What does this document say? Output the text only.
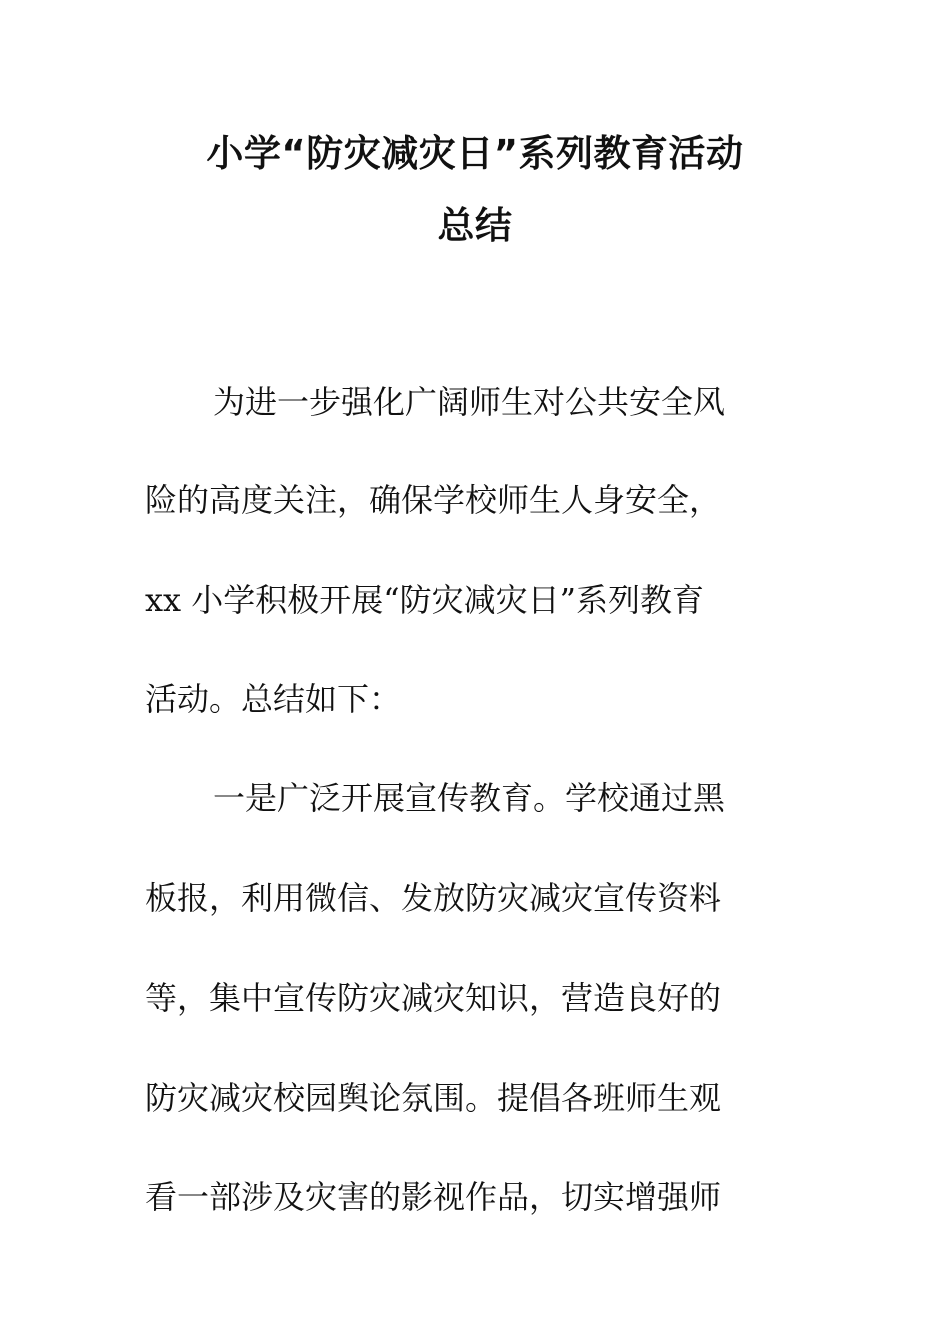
小学“防灾减灾日”系列教育活动
总结
为进一步强化广阔师生对公共安全风
险的高度关注，确保学校师生人身安全，
xx 小学积极开展“防灾减灾日”系列教育
活动。总结如下：
一是广泛开展宣传教育。学校通过黑
板报，利用微信、发放防灾减灾宣传资料
等，集中宣传防灾减灾知识，营造良好的
防灾减灾校园舆论氛围。提倡各班师生观
看一部涉及灾害的影视作品，切实增强师
